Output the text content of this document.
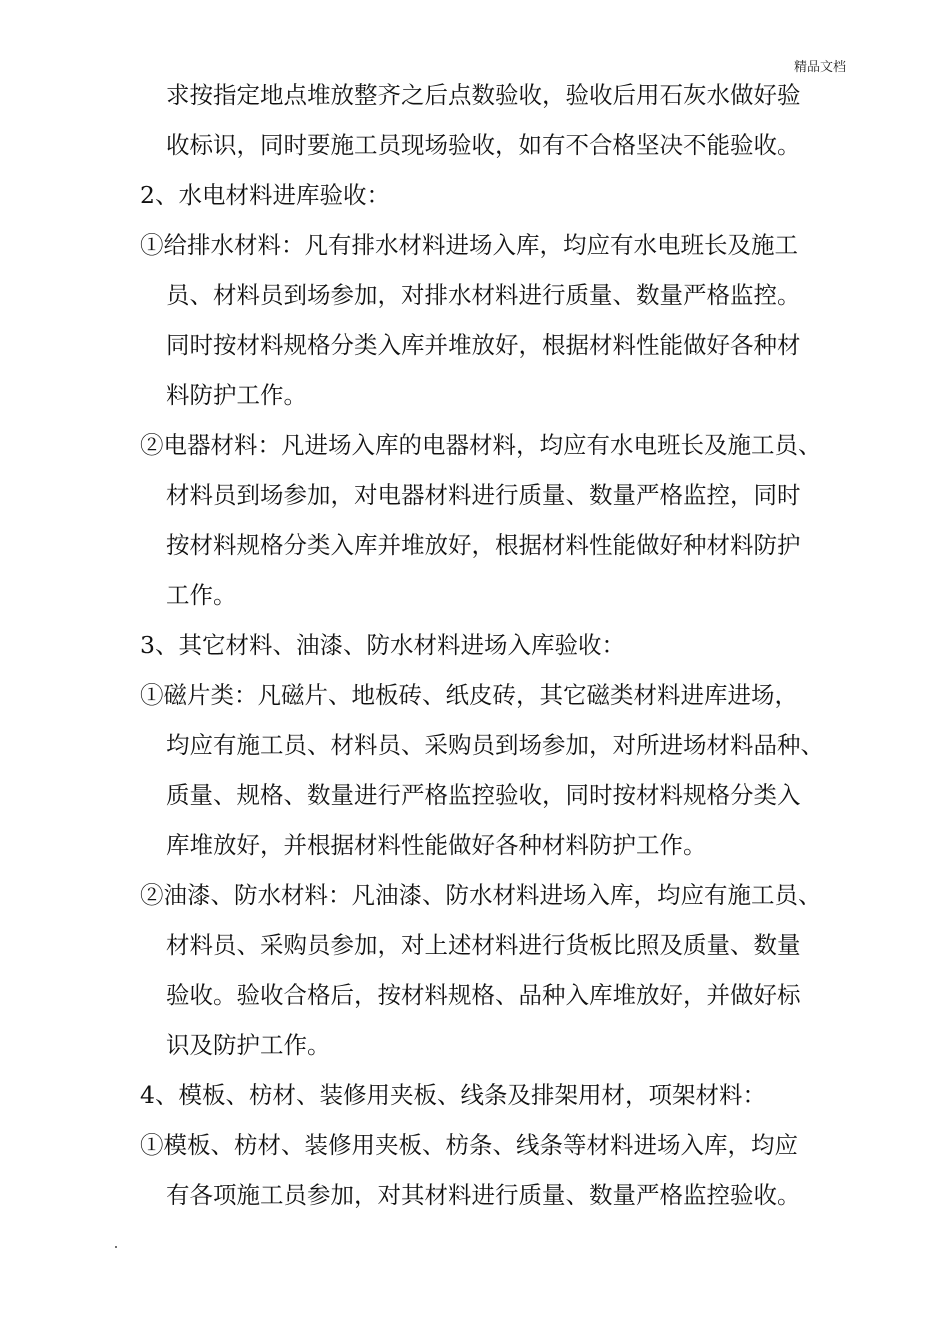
精品文档
求按指定地点堆放整齐之后点数验收，验收后用石灰水做好验
收标识，同时要施工员现场验收，如有不合格坚决不能验收。
2、水电材料进库验收：
①给排水材料：凡有排水材料进场入库，均应有水电班长及施工
员、材料员到场参加，对排水材料进行质量、数量严格监控。
同时按材料规格分类入库并堆放好，根据材料性能做好各种材
料防护工作。
②电器材料：凡进场入库的电器材料，均应有水电班长及施工员、
材料员到场参加，对电器材料进行质量、数量严格监控，同时
按材料规格分类入库并堆放好，根据材料性能做好种材料防护
工作。
3、其它材料、油漆、防水材料进场入库验收：
①磁片类：凡磁片、地板砖、纸皮砖，其它磁类材料进库进场，
均应有施工员、材料员、采购员到场参加，对所进场材料品种、
质量、规格、数量进行严格监控验收，同时按材料规格分类入
库堆放好，并根据材料性能做好各种材料防护工作。
②油漆、防水材料：凡油漆、防水材料进场入库，均应有施工员、
材料员、采购员参加，对上述材料进行货板比照及质量、数量
验收。验收合格后，按材料规格、品种入库堆放好，并做好标
识及防护工作。
4、模板、枋材、装修用夹板、线条及排架用材，项架材料：
①模板、枋材、装修用夹板、枋条、线条等材料进场入库，均应
有各项施工员参加，对其材料进行质量、数量严格监控验收。
